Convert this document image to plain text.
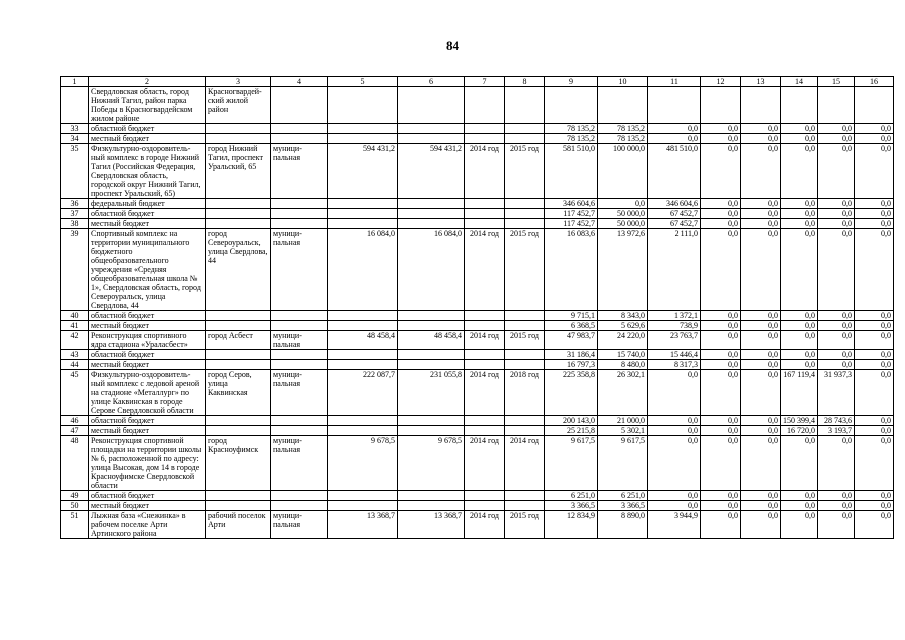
84
1	2	3	4	5	6	7	8	9	10	11	12	13	14	15	16
	Свердловская область, город Нижний Тагил, район парка Победы в Красногвардейском жилом районе	Красногвардей-ский жилой район													
33	областной бюджет							78 135,2	78 135,2	0,0	0,0	0,0	0,0	0,0	0,0
34	местный бюджет							78 135,2	78 135,2	0,0	0,0	0,0	0,0	0,0	0,0
35	Физкультурно-оздоровитель-ный комплекс в городе Нижний Тагил (Российская Федерация, Свердловская область, городской округ Нижний Тагил, проспект Уральский, 65)	город Нижний Тагил, проспект Уральский, 65	муници-пальная	594 431,2	594 431,2	2014 год	2015 год	581 510,0	100 000,0	481 510,0	0,0	0,0	0,0	0,0	0,0
36	федеральный бюджет							346 604,6	0,0	346 604,6	0,0	0,0	0,0	0,0	0,0
37	областной бюджет							117 452,7	50 000,0	67 452,7	0,0	0,0	0,0	0,0	0,0
38	местный бюджет							117 452,7	50 000,0	67 452,7	0,0	0,0	0,0	0,0	0,0
39	Спортивный комплекс на территории муниципального бюджетного общеобразовательного учреждения «Средняя общеобразовательная школа № 1», Свердловская область, город Североуральск, улица Свердлова, 44	город Североуральск, улица Свердлова, 44	муници-пальная	16 084,0	16 084,0	2014 год	2015 год	16 083,6	13 972,6	2 111,0	0,0	0,0	0,0	0,0	0,0
40	областной бюджет							9 715,1	8 343,0	1 372,1	0,0	0,0	0,0	0,0	0,0
41	местный бюджет							6 368,5	5 629,6	738,9	0,0	0,0	0,0	0,0	0,0
42	Реконструкция спортивного ядра стадиона «Ураласбест»	город Асбест	муници-пальная	48 458,4	48 458,4	2014 год	2015 год	47 983,7	24 220,0	23 763,7	0,0	0,0	0,0	0,0	0,0
43	областной бюджет							31 186,4	15 740,0	15 446,4	0,0	0,0	0,0	0,0	0,0
44	местный бюджет							16 797,3	8 480,0	8 317,3	0,0	0,0	0,0	0,0	0,0
45	Физкультурно-оздоровитель-ный комплекс с ледовой ареной на стадионе «Металлург» по улице Каквинская в городе Серове Свердловской области	город Серов, улица Каквинская	муници-пальная	222 087,7	231 055,8	2014 год	2018 год	225 358,8	26 302,1	0,0	0,0	0,0	167 119,4	31 937,3	0,0
46	областной бюджет							200 143,0	21 000,0	0,0	0,0	0,0	150 399,4	28 743,6	0,0
47	местный бюджет							25 215,8	5 302,1	0,0	0,0	0,0	16 720,0	3 193,7	0,0
48	Реконструкция спортивной площадки на территории школы № 6, расположенной по адресу: улица Высокая, дом 14 в городе Красноуфимске Свердловской области	город Красноуфимск	муници-пальная	9 678,5	9 678,5	2014 год	2014 год	9 617,5	9 617,5	0,0	0,0	0,0	0,0	0,0	0,0
49	областной бюджет							6 251,0	6 251,0	0,0	0,0	0,0	0,0	0,0	0,0
50	местный бюджет							3 366,5	3 366,5	0,0	0,0	0,0	0,0	0,0	0,0
51	Лыжная база «Снежинка» в рабочем поселке Арти Артинского района	рабочий поселок Арти	муници-пальная	13 368,7	13 368,7	2014 год	2015 год	12 834,9	8 890,0	3 944,9	0,0	0,0	0,0	0,0	0,0
